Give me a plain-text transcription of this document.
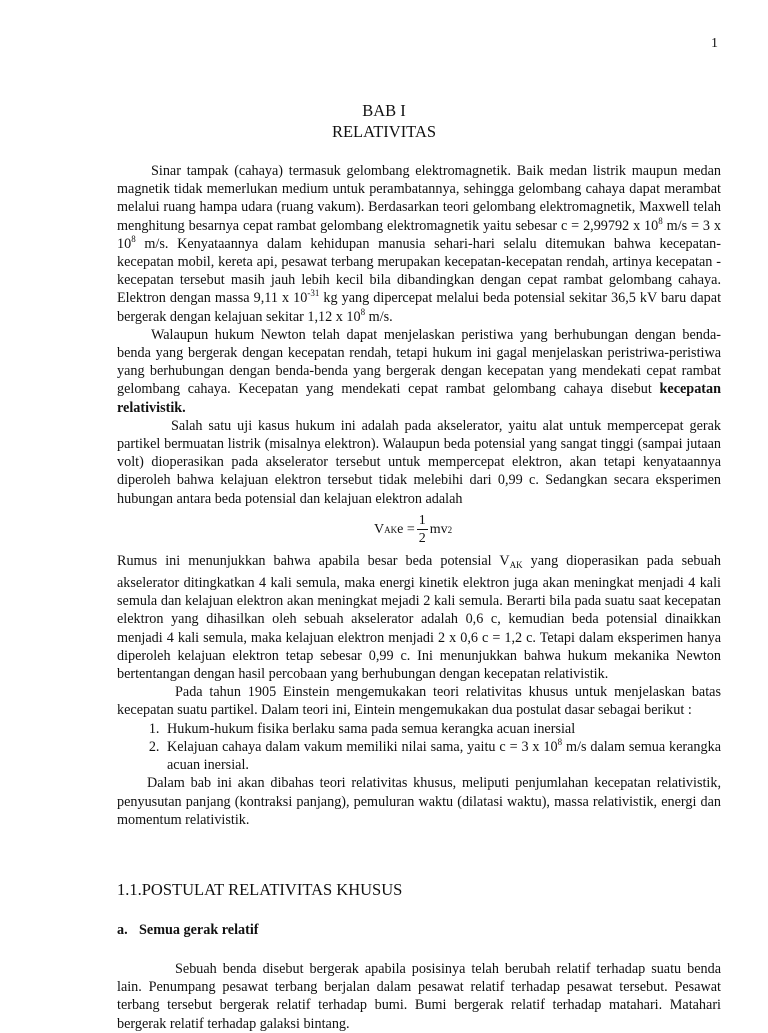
1
BAB I
RELATIVITAS

Sinar tampak (cahaya) termasuk gelombang elektromagnetik. Baik medan listrik maupun medan magnetik tidak memerlukan medium untuk perambatannya, sehingga gelombang cahaya dapat merambat melalui ruang hampa udara (ruang vakum). Berdasarkan teori gelombang elektromagnetik, Maxwell telah menghitung besarnya cepat rambat gelombang elektromagnetik yaitu sebesar c = 2,99792 x $10^8$ m/s = 3 x $10^8$ m/s. Kenyataannya dalam kehidupan manusia sehari-hari selalu ditemukan bahwa kecepatan-kecepatan mobil, kereta api, pesawat terbang merupakan kecepatan-kecepatan rendah, artinya kecepatan - kecepatan tersebut masih jauh lebih kecil bila dibandingkan dengan cepat rambat gelombang cahaya. Elektron dengan massa 9,11 x $10^{-31}$ kg yang dipercepat melalui beda potensial sekitar 36,5 kV baru dapat bergerak dengan kelajuan sekitar 1,12 x $10^8$ m/s.

Walaupun hukum Newton telah dapat menjelaskan peristiwa yang berhubungan dengan benda-benda yang bergerak dengan kecepatan rendah, tetapi hukum ini gagal menjelaskan peristriwa-peristiwa yang berhubungan dengan benda-benda yang bergerak dengan kecepatan yang mendekati cepat rambat gelombang cahaya. Kecepatan yang mendekati cepat rambat gelombang cahaya disebut kecepatan relativistik.

Salah satu uji kasus hukum ini adalah pada akselerator, yaitu alat untuk mempercepat gerak partikel bermuatan listrik (misalnya elektron). Walaupun beda potensial yang sangat tinggi (sampai jutaan volt) dioperasikan pada akselerator tersebut untuk mempercepat elektron, akan tetapi kenyataannya diperoleh bahwa kelajuan elektron tersebut tidak melebihi dari 0,99 c. Sedangkan secara eksperimen hubungan antara beda potensial dan kelajuan elektron adalah

V AK $e = \frac{1}{2}$ mv 2

Rumus ini menunjukkan bahwa apabila besar beda potensial $V_{AK}$ yang dioperasikan pada sebuah akselerator ditingkatkan 4 kali semula, maka energi kinetik elektron juga akan meningkat menjadi 4 kali semula dan kelajuan elektron akan meningkat mejadi 2 kali semula. Berarti bila pada suatu saat kecepatan elektron yang dihasilkan oleh sebuah akselerator adalah 0,6 c, kemudian beda potensial dinaikkan menjadi 4 kali semula, maka kelajuan elektron menjadi 2 x 0,6 c = 1,2 c. Tetapi dalam eksperimen hanya diperoleh kelajuan elektron tetap sebesar 0,99 c. Ini menunjukkan bahwa hukum mekanika Newton bertentangan dengan hasil percobaan yang berhubungan dengan kecepatan relativistik.

Pada tahun 1905 Einstein mengemukakan teori relativitas khusus untuk menjelaskan batas kecepatan suatu partikel. Dalam teori ini, Eintein mengemukakan dua postulat dasar sebagai berikut :

1. Hukum-hukum fisika berlaku sama pada semua kerangka acuan inersial
2. Kelajuan cahaya dalam vakum memiliki nilai sama, yaitu c = 3 x $10^8$ m/s dalam semua kerangka acuan inersial.

Dalam bab ini akan dibahas teori relativitas khusus, meliputi penjumlahan kecepatan relativistik, penyusutan panjang (kontraksi panjang), pemuluran waktu (dilatasi waktu), massa relativistik, energi dan momentum relativistik.

1.1.POSTULAT RELATIVITAS KHUSUS
a. Semua gerak relatif

Sebuah benda disebut bergerak apabila posisinya telah berubah relatif terhadap suatu benda lain. Penumpang pesawat terbang berjalan dalam pesawat relatif terhadap pesawat tersebut. Pesawat terbang tersebut bergerak relatif terhadap bumi. Bumi bergerak relatif terhadap matahari. Matahari bergerak relatif terhadap galaksi bintang.
